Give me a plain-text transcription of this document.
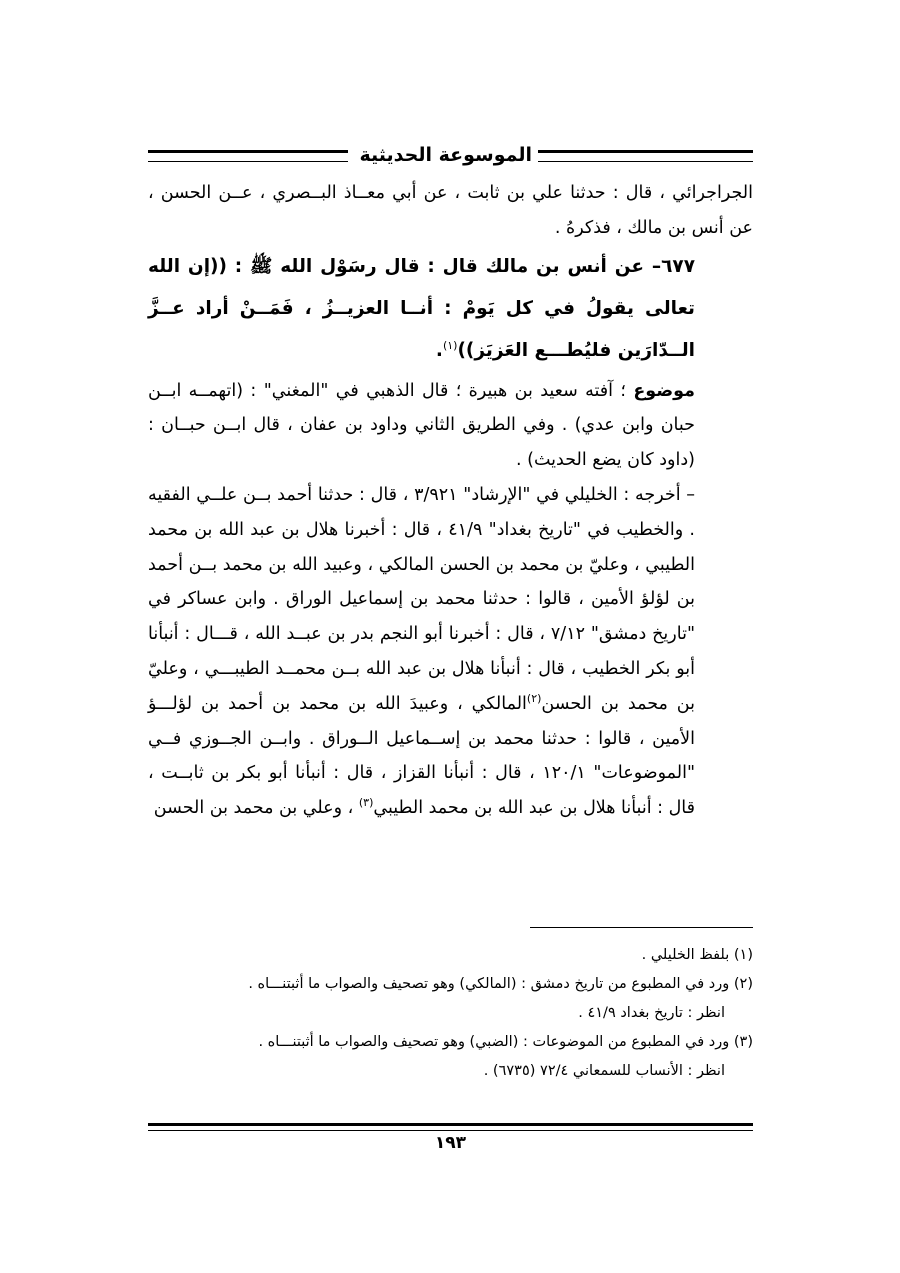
الموسوعة الحديثية

الجراجرائي ، قال : حدثنا علي بن ثابت ، عن أبي معــاذ البــصري ، عــن الحسن ، عن أنس بن مالك ، فذكرهُ .

٦٧٧– عن أنس بن مالك قال : قال رسَوْل الله ﷺ : ((إن الله تعالى يقولُ في كل يَومْ : أنــا العزيــزُ ، فَمَــنْ أراد عــزَّ الــدّارَين فليُطـــع العَزيَز))$^{(١)}$.

موضوع ؛ آفته سعيد بن هبيرة ؛ قال الذهبي في "المغني" : (اتهمــه ابــن حبان وابن عدي) . وفي الطريق الثاني وداود بن عفان ، قال ابــن حبــان : (داود كان يضع الحديث) .

– أخرجه : الخليلي في "الإرشاد" ٣/٩٢١ ، قال : حدثنا أحمد بــن علــي الفقيه . والخطيب في "تاريخ بغداد" ٤١/٩ ، قال : أخبرنا هلال بن عبد الله بن محمد الطيبي ، وعليّ بن محمد بن الحسن المالكي ، وعبيد الله بن محمد بــن أحمد بن لؤلؤ الأمين ، قالوا : حدثنا محمد بن إسماعيل الوراق . وابن عساكر في "تاريخ دمشق" ٧/١٢ ، قال : أخبرنا أبو النجم بدر بن عبــد الله ، قـــال : أنبأنا أبو بكر الخطيب ، قال : أنبأنا هلال بن عبد الله بــن محمــد الطيبـــي ، وعليّ بن محمد بن الحسن$^{(٢)}$المالكي ، وعبيدَ الله بن محمد بن أحمد بن لؤلـــؤ الأمين ، قالوا : حدثنا محمد بن إســماعيل الــوراق . وابــن الجــوزي فــي "الموضوعات" ١٢٠/١ ، قال : أنبأنا القزاز ، قال : أنبأنا أبو بكر بن ثابــت ، قال : أنبأنا هلال بن عبد الله بن محمد الطيبي$^{(٣)}$ ، وعلي بن محمد بن الحسن

(١) بلفظ الخليلي .

(٢) ورد في المطبوع من تاريخ دمشق : (المالكي) وهو تصحيف والصواب ما أثبتنـــاه .

انظر : تاريخ بغداد ٤١/٩ .

(٣) ورد في المطبوع من الموضوعات : (الضبي) وهو تصحيف والصواب ما أثبتنـــاه .

انظر : الأنساب للسمعاني ٧٢/٤ (٦٧٣٥) .

١٩٣
